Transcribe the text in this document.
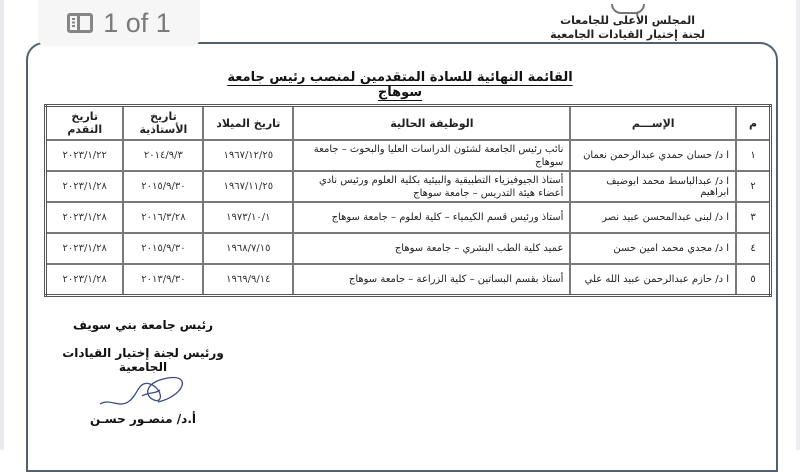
1 of 1	المجلس الأعلى للجامعات
لجنة إختيار القيادات الجامعية
القائمة النهائية للسادة المتقدمين لمنصب رئيس جامعة سوهاج
م	الإســـم	الوظيفة الحالية	تاريخ الميلاد	تاريخ الأستاذية	تاريخ التقدم
١	ا د/ حسان حمدي عبدالرحمن نعمان	نائب رئيس الجامعة لشئون الدراسات العليا والبحوث – جامعة سوهاج	١٩٦٧/١٢/٢٥	٢٠١٤/٩/٣	٢٠٢٣/١/٢٢
٢	ا د/ عبدالباسط محمد ابوضيف ابراهيم	أستاذ الجيوفيزياء التطبيقية والبيئية بكلية العلوم ورئيس نادي أعضاء هيئة التدريس – جامعة سوهاج	١٩٦٧/١١/٢٥	٢٠١٥/٩/٣٠	٢٠٢٣/١/٢٨
٣	ا د/ لبنى عبدالمحسن عبيد نصر	أستاذ ورئيس قسم الكيمياء – كلية لعلوم – جامعة سوهاج	١٩٧٣/١٠/١	٢٠١٦/٣/٢٨	٢٠٢٣/١/٢٨
٤	ا د/ مجدي محمد امين حسن	عميد كلية الطب البشري – جامعة سوهاج	١٩٦٨/٧/١٥	٢٠١٥/٩/٣٠	٢٠٢٣/١/٢٨
٥	ا د/ حازم عبدالرحمن عبيد الله علي	أستاذ بقسم البساتين – كلية الزراعة – جامعة سوهاج	١٩٦٩/٩/١٤	٢٠١٣/٩/٣٠	٢٠٢٣/١/٢٨
رئيس جامعة بني سويف
ورئيس لجنة إختيار القيادات الجامعية
أ.د/ منصـور حسـن
